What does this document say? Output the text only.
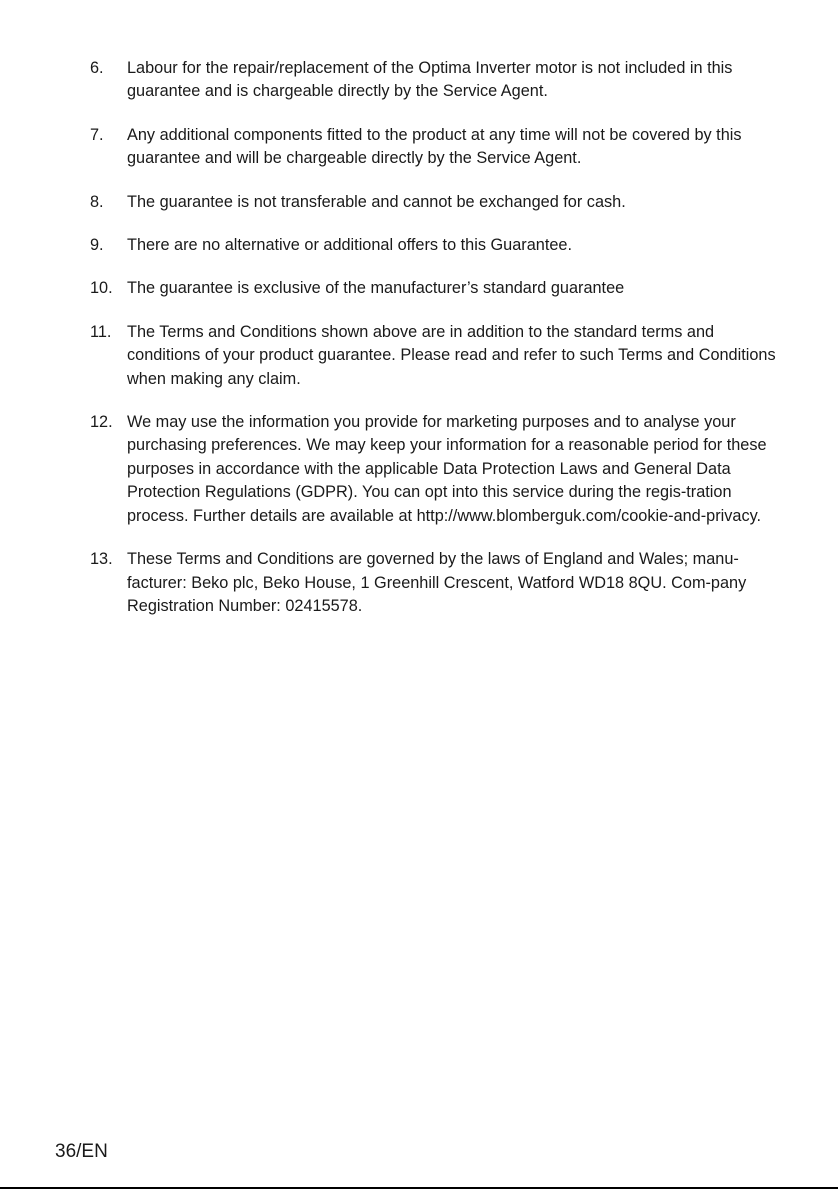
6. Labour for the repair/replacement of the Optima Inverter motor is not included in this guarantee and is chargeable directly by the Service Agent.
7. Any additional components fitted to the product at any time will not be covered by this guarantee and will be chargeable directly by the Service Agent.
8. The guarantee is not transferable and cannot be exchanged for cash.
9. There are no alternative or additional offers to this Guarantee.
10. The guarantee is exclusive of the manufacturer’s standard guarantee
11. The Terms and Conditions shown above are in addition to the standard terms and conditions of your product guarantee. Please read and refer to such Terms and Conditions when making any claim.
12. We may use the information you provide for marketing purposes and to analyse your purchasing preferences. We may keep your information for a reasonable period for these purposes in accordance with the applicable Data Protection Laws and General Data Protection Regulations (GDPR). You can opt into this service during the regis-tration process. Further details are available at http://www.blomberguk.com/cookie-and-privacy.
13. These Terms and Conditions are governed by the laws of England and Wales; manu-facturer: Beko plc, Beko House, 1 Greenhill Crescent, Watford WD18 8QU. Com-pany Registration Number: 02415578.
36/EN
